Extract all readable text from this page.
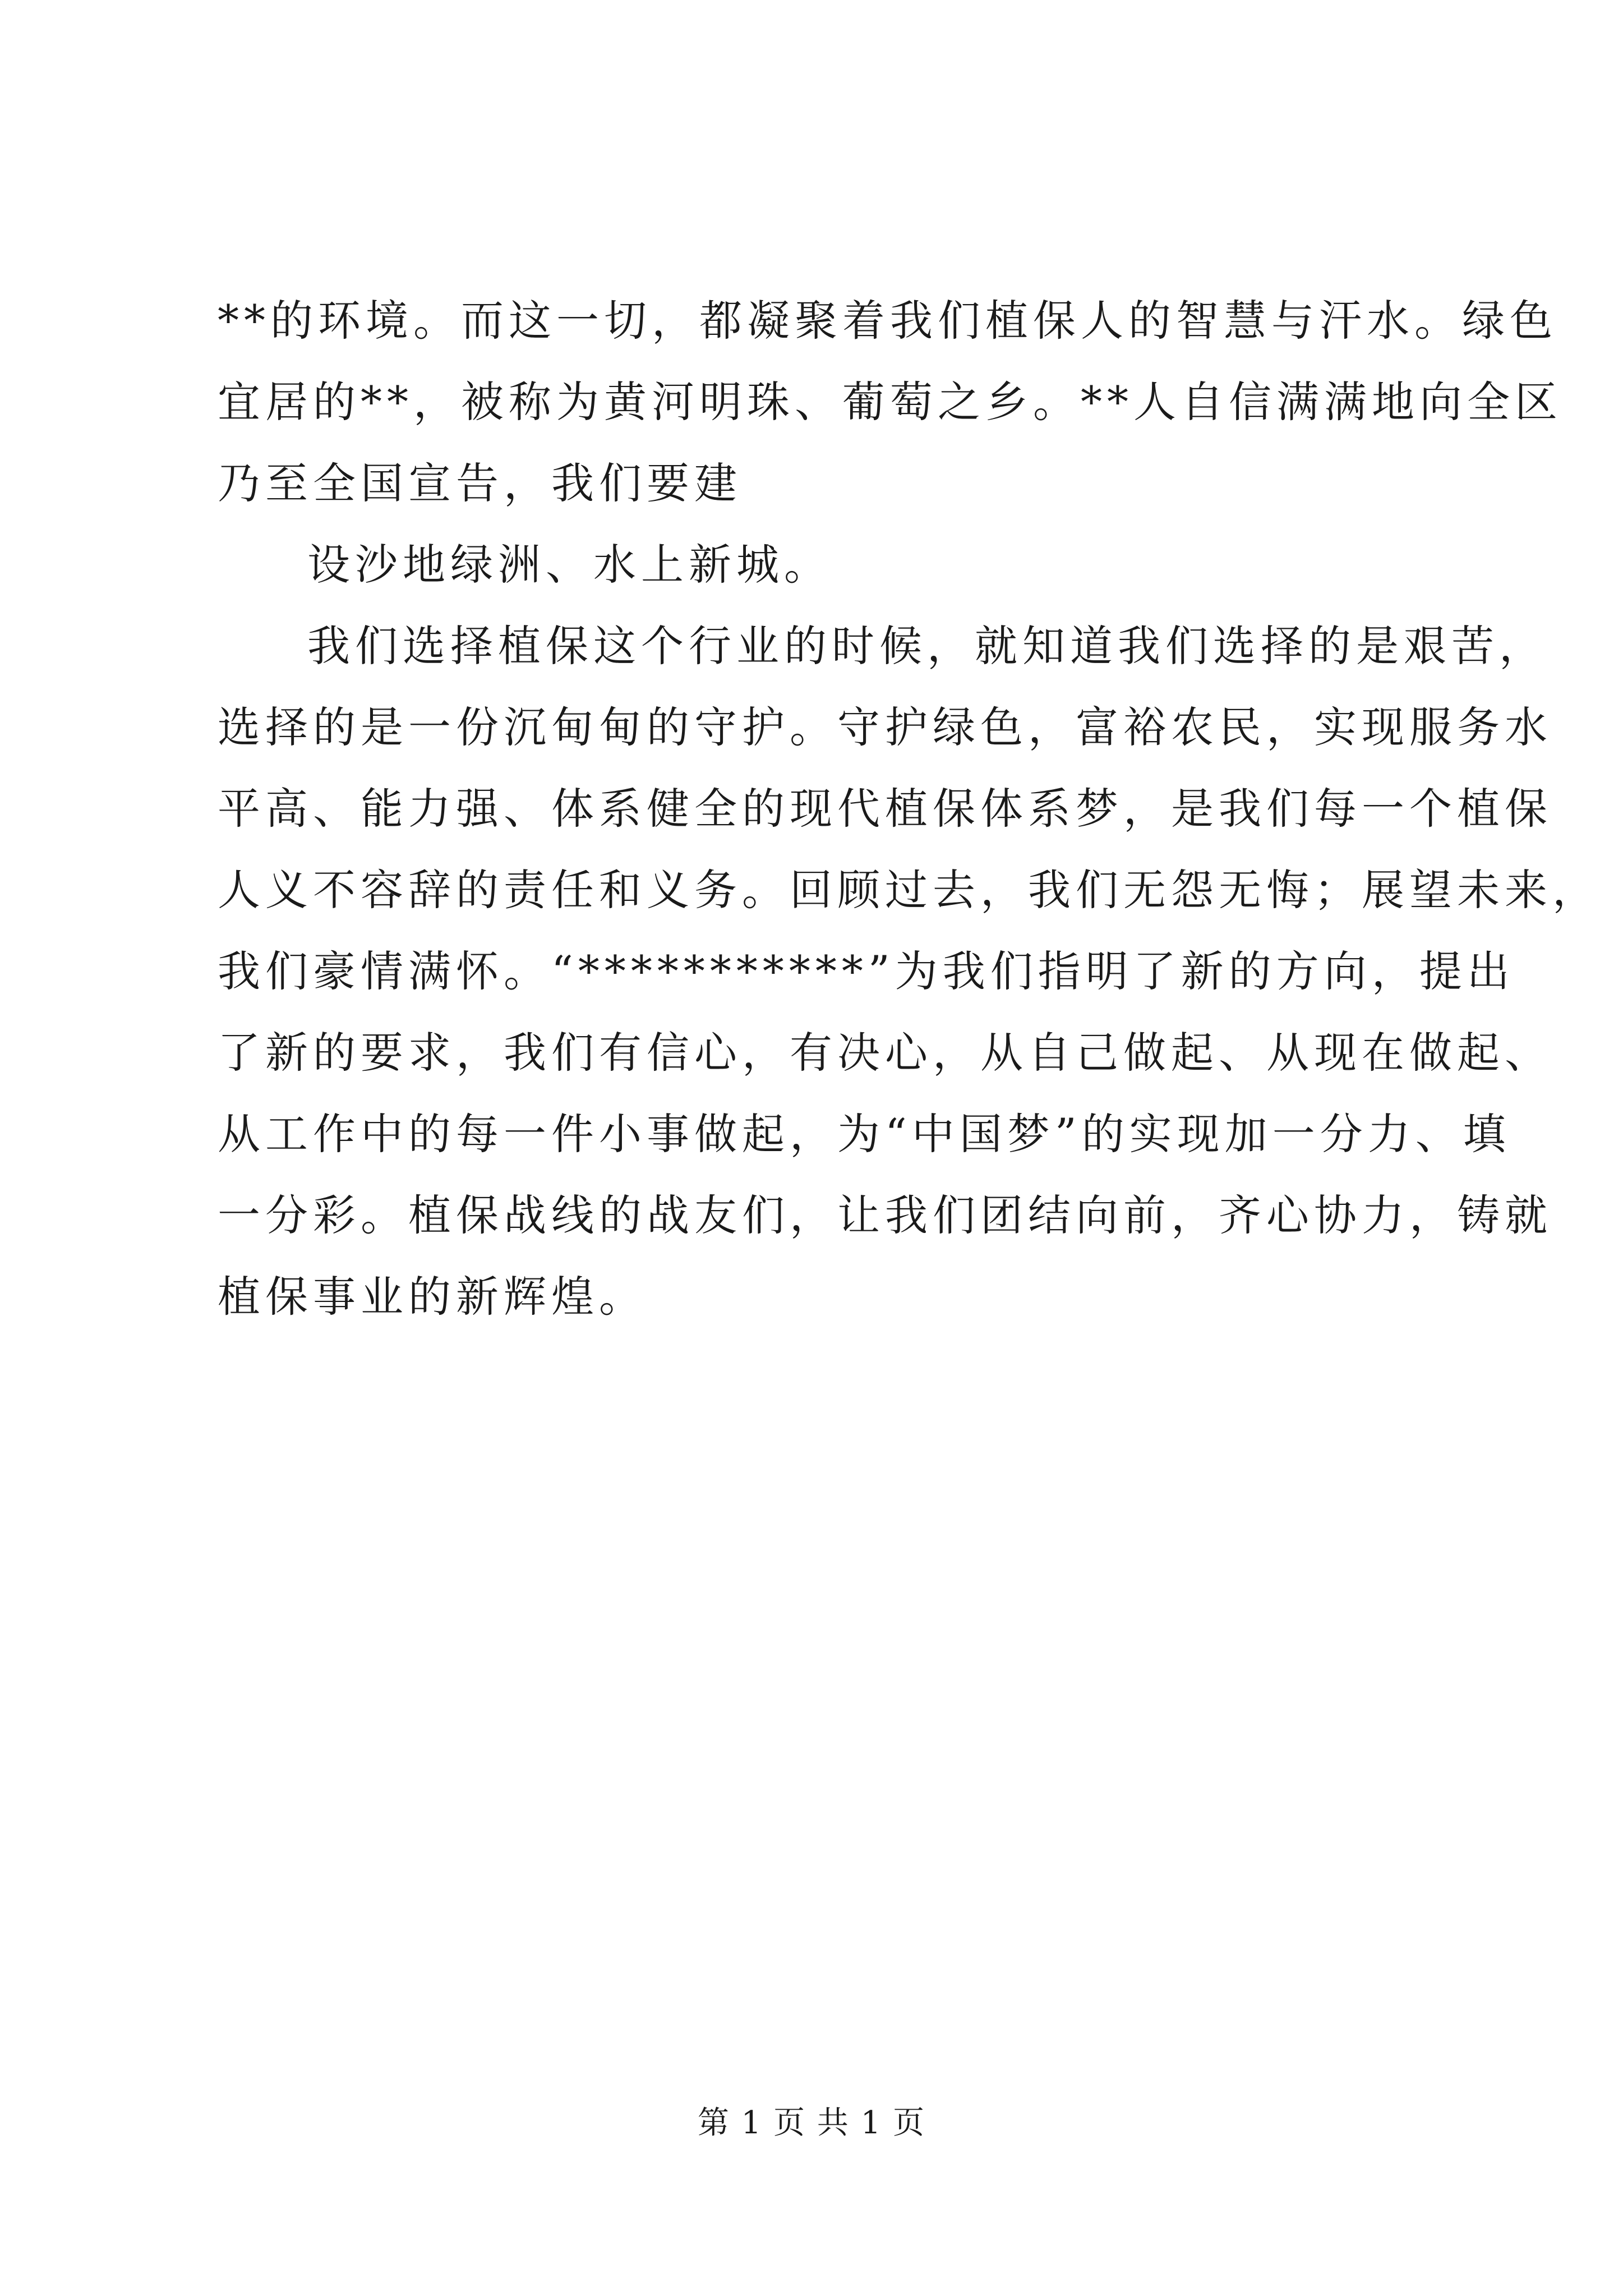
**的环境。而这一切，都凝聚着我们植保人的智慧与汗水。绿色
宜居的**，被称为黄河明珠、葡萄之乡。**人自信满满地向全区
乃至全国宣告，我们要建
设沙地绿洲、水上新城。
我们选择植保这个行业的时候，就知道我们选择的是艰苦，
选择的是一份沉甸甸的守护。守护绿色，富裕农民，实现服务水
平高、能力强、体系健全的现代植保体系梦，是我们每一个植保
人义不容辞的责任和义务。回顾过去，我们无怨无悔；展望未来，
我们豪情满怀。“***********”为我们指明了新的方向，提出
了新的要求，我们有信心，有决心，从自己做起、从现在做起、
从工作中的每一件小事做起，为“中国梦”的实现加一分力、填
一分彩。植保战线的战友们，让我们团结向前，齐心协力，铸就
植保事业的新辉煌。
第 1 页 共 1 页
